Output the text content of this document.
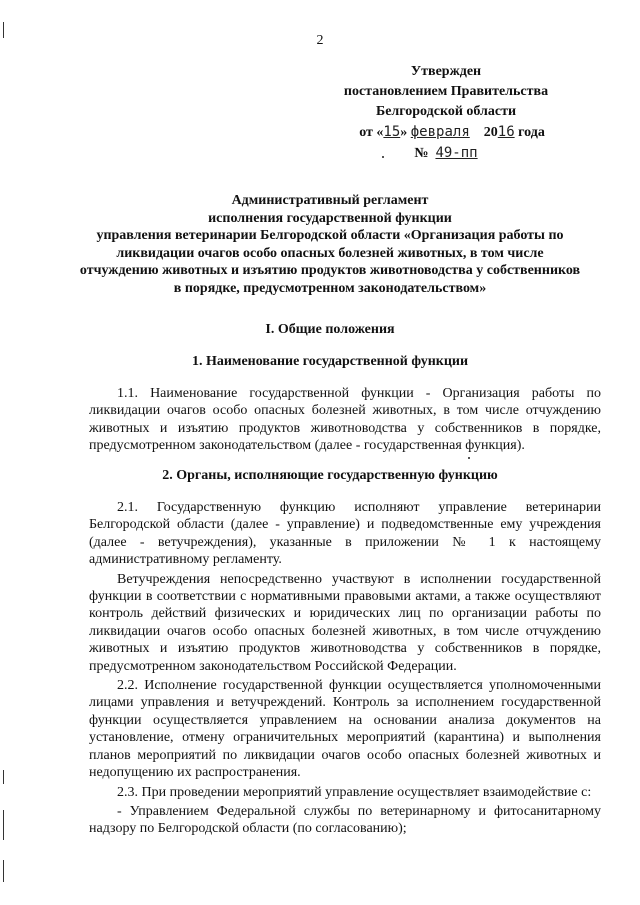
2
Утвержден
постановлением Правительства
Белгородской области
от «15» февраля 2016 года
№ 49-пп
Административный регламент
исполнения государственной функции
управления ветеринарии Белгородской области «Организация работы по
ликвидации очагов особо опасных болезней животных, в том числе
отчуждению животных и изъятию продуктов животноводства у собственников
в порядке, предусмотренном законодательством»
I. Общие положения
1. Наименование государственной функции

1.1. Наименование государственной функции - Организация работы по ликвидации очагов особо опасных болезней животных, в том числе отчуждению животных и изъятию продуктов животноводства у собственников в порядке, предусмотренном законодательством (далее - государственная функция).

2. Органы, исполняющие государственную функцию

2.1. Государственную функцию исполняют управление ветеринарии Белгородской области (далее - управление) и подведомственные ему учреждения (далее - ветучреждения), указанные в приложении № 1 к настоящему административному регламенту.

Ветучреждения непосредственно участвуют в исполнении государственной функции в соответствии с нормативными правовыми актами, а также осуществляют контроль действий физических и юридических лиц по организации работы по ликвидации очагов особо опасных болезней животных, в том числе отчуждению животных и изъятию продуктов животноводства у собственников в порядке, предусмотренном законодательством Российской Федерации.

2.2. Исполнение государственной функции осуществляется уполномоченными лицами управления и ветучреждений. Контроль за исполнением государственной функции осуществляется управлением на основании анализа документов на установление, отмену ограничительных мероприятий (карантина) и выполнения планов мероприятий по ликвидации очагов особо опасных болезней животных и недопущению их распространения.

2.3. При проведении мероприятий управление осуществляет взаимодействие с:

- Управлением Федеральной службы по ветеринарному и фитосанитарному надзору по Белгородской области (по согласованию);
